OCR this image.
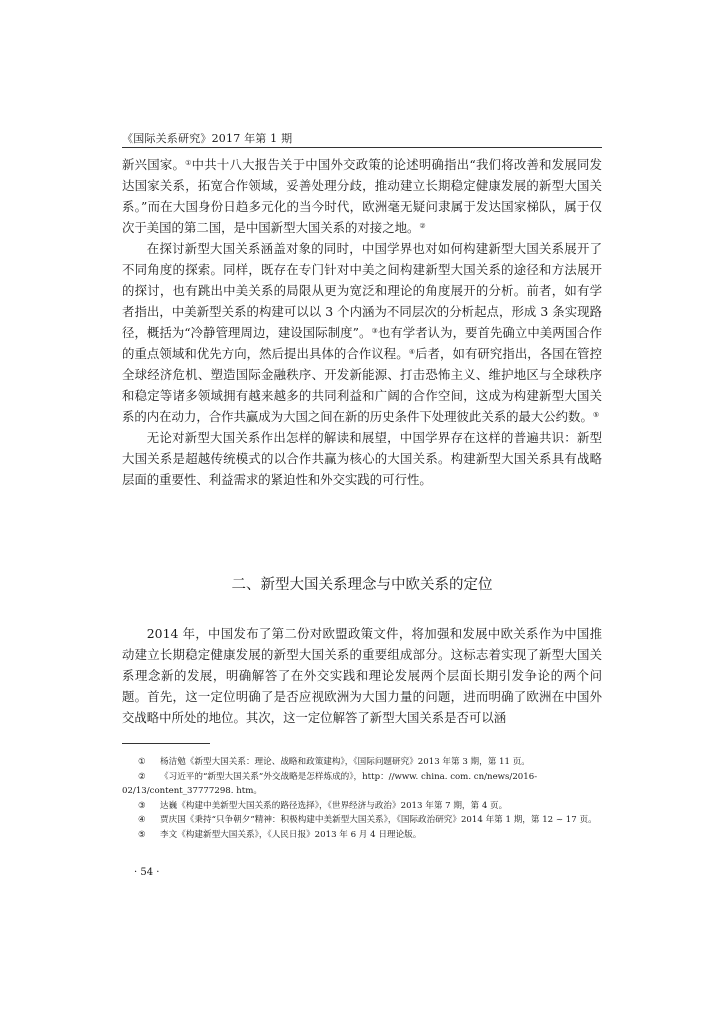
《国际关系研究》2017 年第 1 期

新兴国家。①中共十八大报告关于中国外交政策的论述明确指出“我们将改善和发展同发达国家关系，拓宽合作领域，妥善处理分歧，推动建立长期稳定健康发展的新型大国关系。”而在大国身份日趋多元化的当今时代，欧洲毫无疑问隶属于发达国家梯队，属于仅次于美国的第二国，是中国新型大国关系的对接之地。②

在探讨新型大国关系涵盖对象的同时，中国学界也对如何构建新型大国关系展开了不同角度的探索。同样，既存在专门针对中美之间构建新型大国关系的途径和方法展开的探讨，也有跳出中美关系的局限从更为宽泛和理论的角度展开的分析。前者，如有学者指出，中美新型关系的构建可以以 3 个内涵为不同层次的分析起点，形成 3 条实现路径，概括为“冷静管理周边，建设国际制度”。③也有学者认为，要首先确立中美两国合作的重点领域和优先方向，然后提出具体的合作议程。④后者，如有研究指出，各国在管控全球经济危机、塑造国际金融秩序、开发新能源、打击恐怖主义、维护地区与全球秩序和稳定等诸多领域拥有越来越多的共同利益和广阔的合作空间，这成为构建新型大国关系的内在动力，合作共赢成为大国之间在新的历史条件下处理彼此关系的最大公约数。⑤

无论对新型大国关系作出怎样的解读和展望，中国学界存在这样的普遍共识：新型大国关系是超越传统模式的以合作共赢为核心的大国关系。构建新型大国关系具有战略层面的重要性、利益需求的紧迫性和外交实践的可行性。

二、新型大国关系理念与中欧关系的定位

2014 年，中国发布了第二份对欧盟政策文件，将加强和发展中欧关系作为中国推动建立长期稳定健康发展的新型大国关系的重要组成部分。这标志着实现了新型大国关系理念新的发展，明确解答了在外交实践和理论发展两个层面长期引发争论的两个问题。首先，这一定位明确了是否应视欧洲为大国力量的问题，进而明确了欧洲在中国外交战略中所处的地位。其次，这一定位解答了新型大国关系是否可以涵

① 杨洁勉《新型大国关系：理论、战略和政策建构》，《国际问题研究》2013 年第 3 期，第 11 页。

② 《习近平的“新型大国关系”外交战略是怎样炼成的》，http：//www. china. com. cn/news/2016-02/13/content_37777298. htm。

③ 达巍《构建中美新型大国关系的路径选择》，《世界经济与政治》2013 年第 7 期，第 4 页。

④ 贾庆国《秉持“只争朝夕”精神：积极构建中美新型大国关系》，《国际政治研究》2014 年第 1 期，第 12 ~ 17 页。

⑤ 李文《构建新型大国关系》，《人民日报》2013 年 6 月 4 日理论版。

· 54 ·
